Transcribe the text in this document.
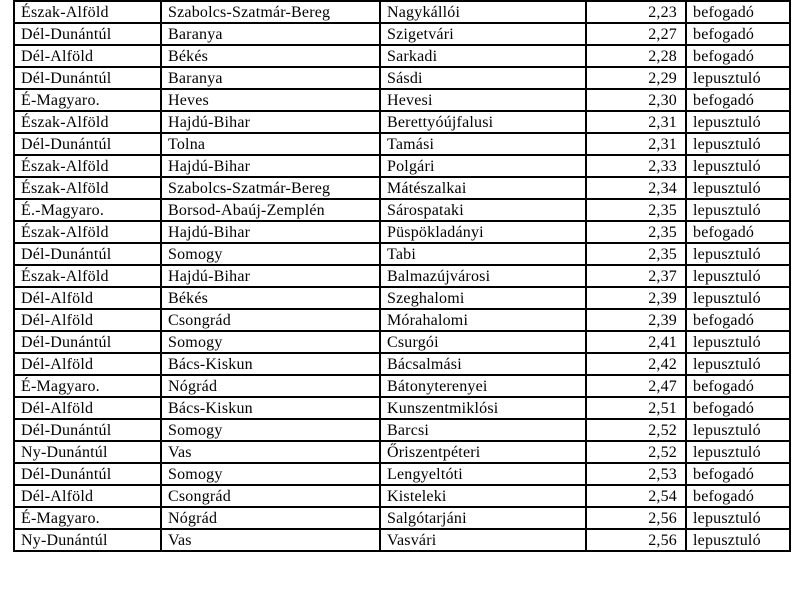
Észak-Alföld	Szabolcs-Szatmár-Bereg	Nagykállói	2,23	befogadó
Dél-Dunántúl	Baranya	Szigetvári	2,27	befogadó
Dél-Alföld	Békés	Sarkadi	2,28	befogadó
Dél-Dunántúl	Baranya	Sásdi	2,29	lepusztuló
É-Magyaro.	Heves	Hevesi	2,30	befogadó
Észak-Alföld	Hajdú-Bihar	Berettyóújfalusi	2,31	lepusztuló
Dél-Dunántúl	Tolna	Tamási	2,31	lepusztuló
Észak-Alföld	Hajdú-Bihar	Polgári	2,33	lepusztuló
Észak-Alföld	Szabolcs-Szatmár-Bereg	Mátészalkai	2,34	lepusztuló
É.-Magyaro.	Borsod-Abaúj-Zemplén	Sárospataki	2,35	lepusztuló
Észak-Alföld	Hajdú-Bihar	Püspökladányi	2,35	befogadó
Dél-Dunántúl	Somogy	Tabi	2,35	lepusztuló
Észak-Alföld	Hajdú-Bihar	Balmazújvárosi	2,37	lepusztuló
Dél-Alföld	Békés	Szeghalomi	2,39	lepusztuló
Dél-Alföld	Csongrád	Mórahalomi	2,39	befogadó
Dél-Dunántúl	Somogy	Csurgói	2,41	lepusztuló
Dél-Alföld	Bács-Kiskun	Bácsalmási	2,42	lepusztuló
É-Magyaro.	Nógrád	Bátonyterenyei	2,47	befogadó
Dél-Alföld	Bács-Kiskun	Kunszentmiklósi	2,51	befogadó
Dél-Dunántúl	Somogy	Barcsi	2,52	lepusztuló
Ny-Dunántúl	Vas	Őriszentpéteri	2,52	lepusztuló
Dél-Dunántúl	Somogy	Lengyeltóti	2,53	befogadó
Dél-Alföld	Csongrád	Kisteleki	2,54	befogadó
É-Magyaro.	Nógrád	Salgótarjáni	2,56	lepusztuló
Ny-Dunántúl	Vas	Vasvári	2,56	lepusztuló
